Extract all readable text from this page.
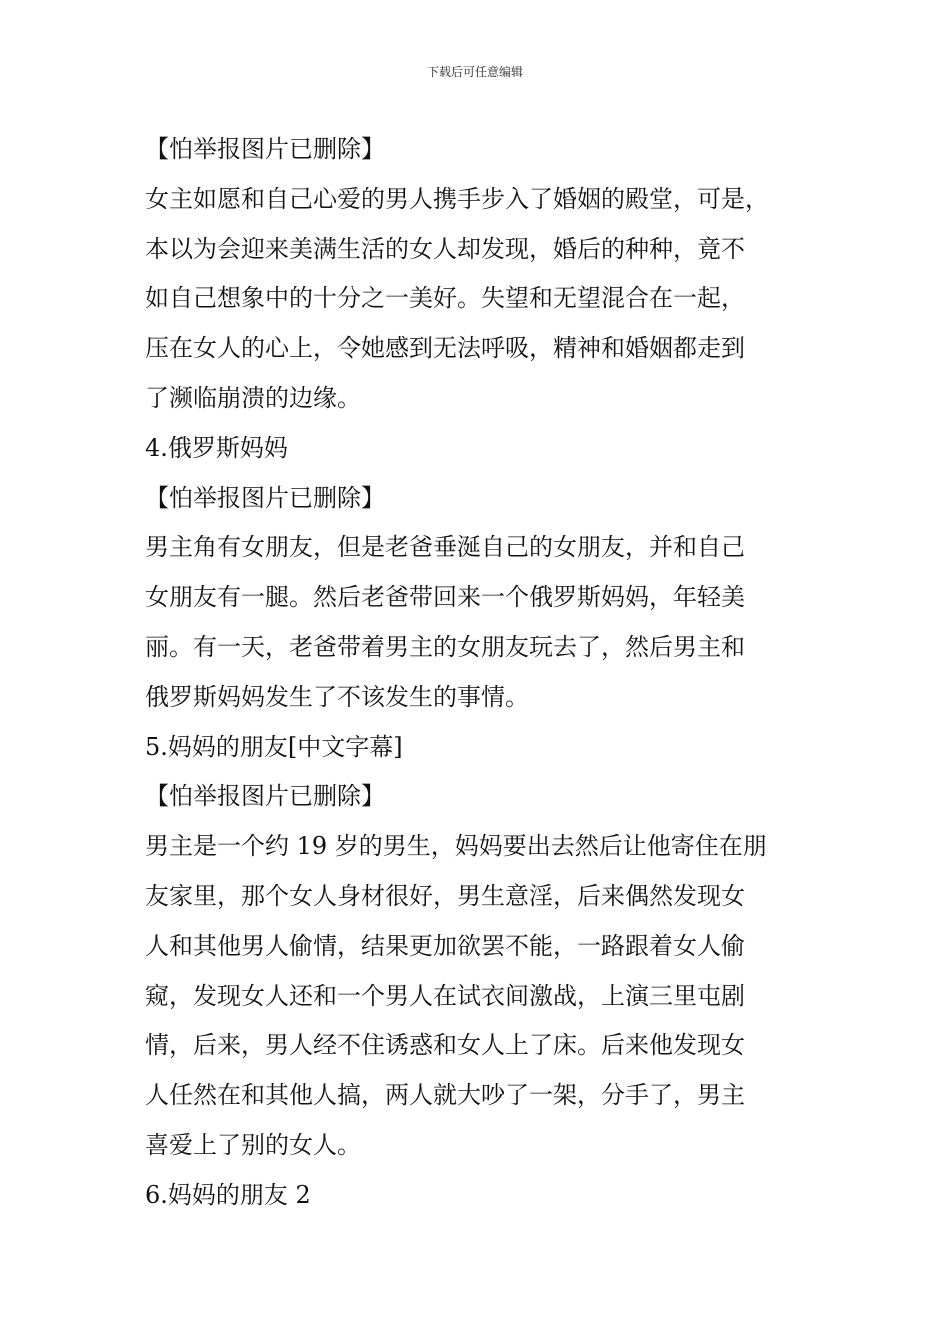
下载后可任意编辑
【怕举报图片已删除】
女主如愿和自己心爱的男人携手步入了婚姻的殿堂，可是，
本以为会迎来美满生活的女人却发现，婚后的种种，竟不
如自己想象中的十分之一美好。失望和无望混合在一起，
压在女人的心上，令她感到无法呼吸，精神和婚姻都走到
了濒临崩溃的边缘。
4.俄罗斯妈妈
【怕举报图片已删除】
男主角有女朋友，但是老爸垂涎自己的女朋友，并和自己
女朋友有一腿。然后老爸带回来一个俄罗斯妈妈，年轻美
丽。有一天，老爸带着男主的女朋友玩去了，然后男主和
俄罗斯妈妈发生了不该发生的事情。
5.妈妈的朋友[中文字幕]
【怕举报图片已删除】
男主是一个约 19 岁的男生，妈妈要出去然后让他寄住在朋
友家里，那个女人身材很好，男生意淫，后来偶然发现女
人和其他男人偷情，结果更加欲罢不能，一路跟着女人偷
窥，发现女人还和一个男人在试衣间激战，上演三里屯剧
情，后来，男人经不住诱惑和女人上了床。后来他发现女
人任然在和其他人搞，两人就大吵了一架，分手了，男主
喜爱上了别的女人。
6.妈妈的朋友 2
